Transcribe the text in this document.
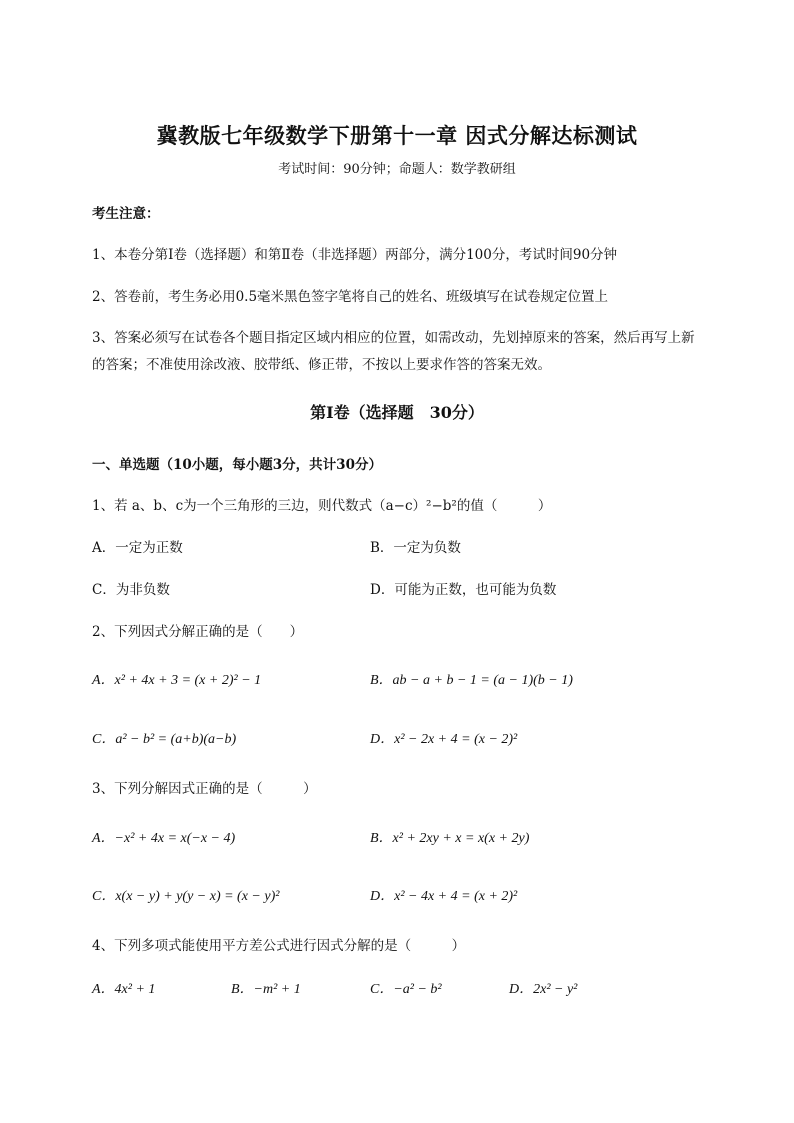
冀教版七年级数学下册第十一章 因式分解达标测试
考试时间：90分钟；命题人：数学教研组
考生注意：
1、本卷分第I卷（选择题）和第Ⅱ卷（非选择题）两部分，满分100分，考试时间90分钟
2、答卷前，考生务必用0.5毫米黑色签字笔将自己的姓名、班级填写在试卷规定位置上
3、答案必须写在试卷各个题目指定区域内相应的位置，如需改动，先划掉原来的答案，然后再写上新
的答案；不准使用涂改液、胶带纸、修正带，不按以上要求作答的答案无效。
第I卷（选择题　30分）
一、单选题（10小题，每小题3分，共计30分）
1、若 a、b、c为一个三角形的三边，则代数式（a−c）²−b²的值（　　　）
A．一定为正数	B．一定为负数
C．为非负数	D．可能为正数，也可能为负数
2、下列因式分解正确的是（　　）
A．x² + 4x + 3 = (x + 2)² − 1	B．ab − a + b − 1 = (a − 1)(b − 1)
C．a² − b² = (a+b)(a−b)	D．x² − 2x + 4 = (x − 2)²
3、下列分解因式正确的是（　　　）
A．−x² + 4x = x(−x − 4)	B．x² + 2xy + x = x(x + 2y)
C．x(x − y) + y(y − x) = (x − y)²	D．x² − 4x + 4 = (x + 2)²
4、下列多项式能使用平方差公式进行因式分解的是（　　　）
A．4x² + 1	B．−m² + 1	C．−a² − b²	D．2x² − y²
